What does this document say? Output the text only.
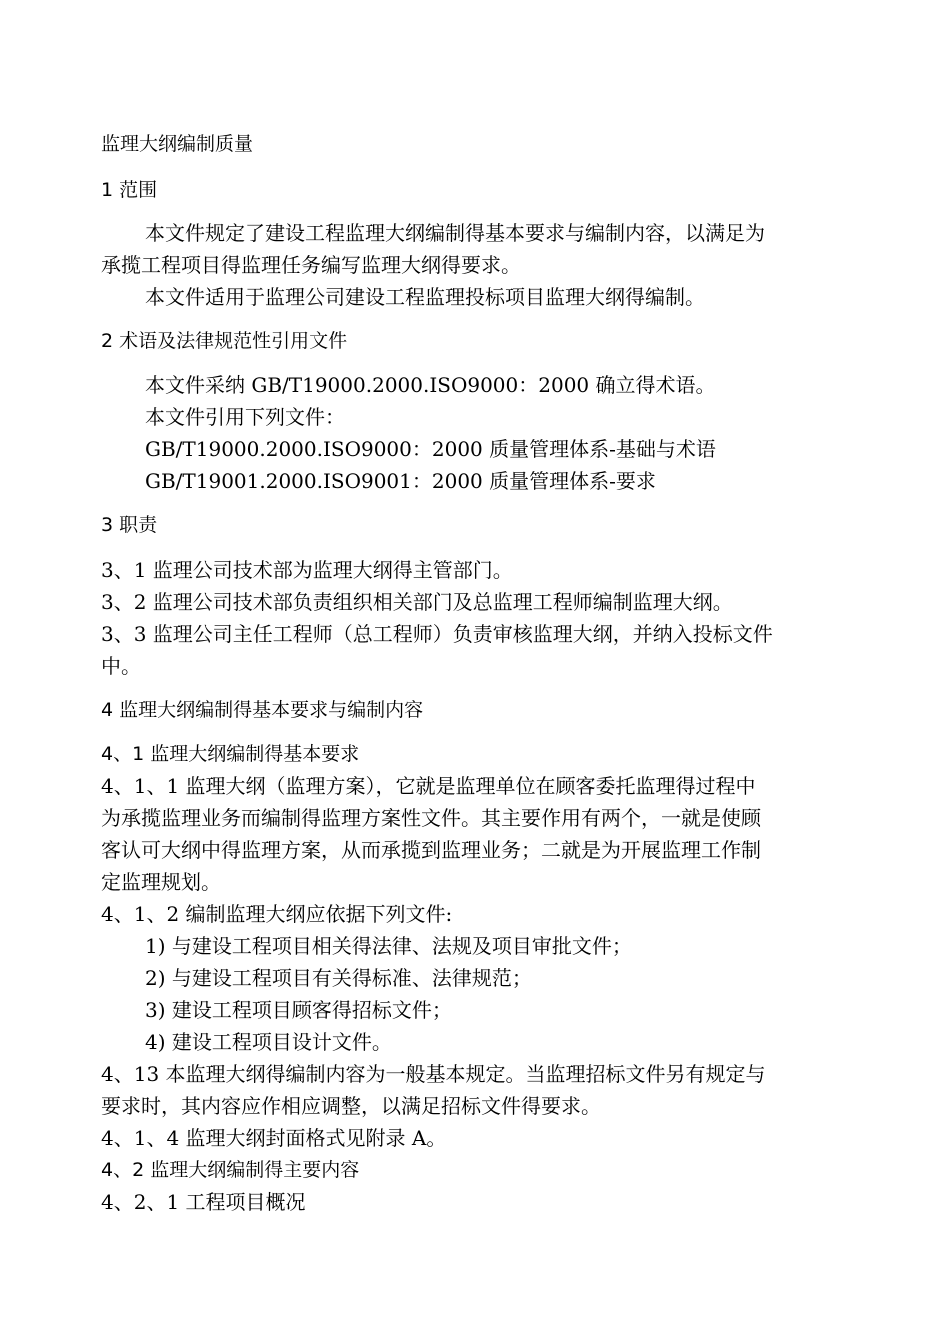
监理大纲编制质量

1 范围

本文件规定了建设工程监理大纲编制得基本要求与编制内容，以满足为

承揽工程项目得监理任务编写监理大纲得要求。

本文件适用于监理公司建设工程监理投标项目监理大纲得编制。

2 术语及法律规范性引用文件

本文件采纳 GB/T19000.2000.ISO9000：2000 确立得术语。

本文件引用下列文件：

GB/T19000.2000.ISO9000：2000 质量管理体系-基础与术语

GB/T19001.2000.ISO9001：2000 质量管理体系-要求

3 职责

3、1 监理公司技术部为监理大纲得主管部门。

3、2 监理公司技术部负责组织相关部门及总监理工程师编制监理大纲。

3、3 监理公司主任工程师（总工程师）负责审核监理大纲，并纳入投标文件

中。

4 监理大纲编制得基本要求与编制内容

4、1 监理大纲编制得基本要求

4、1、1 监理大纲（监理方案），它就是监理单位在顾客委托监理得过程中

为承揽监理业务而编制得监理方案性文件。其主要作用有两个，一就是使顾

客认可大纲中得监理方案，从而承揽到监理业务；二就是为开展监理工作制

定监理规划。

4、1、2 编制监理大纲应依据下列文件:

1) 与建设工程项目相关得法律、法规及项目审批文件；

2) 与建设工程项目有关得标准、法律规范；

3) 建设工程项目顾客得招标文件；

4) 建设工程项目设计文件。

4、13 本监理大纲得编制内容为一般基本规定。当监理招标文件另有规定与

要求时，其内容应作相应调整，以满足招标文件得要求。

4、1、4 监理大纲封面格式见附录 A。

4、2 监理大纲编制得主要内容

4、2、1 工程项目概况
